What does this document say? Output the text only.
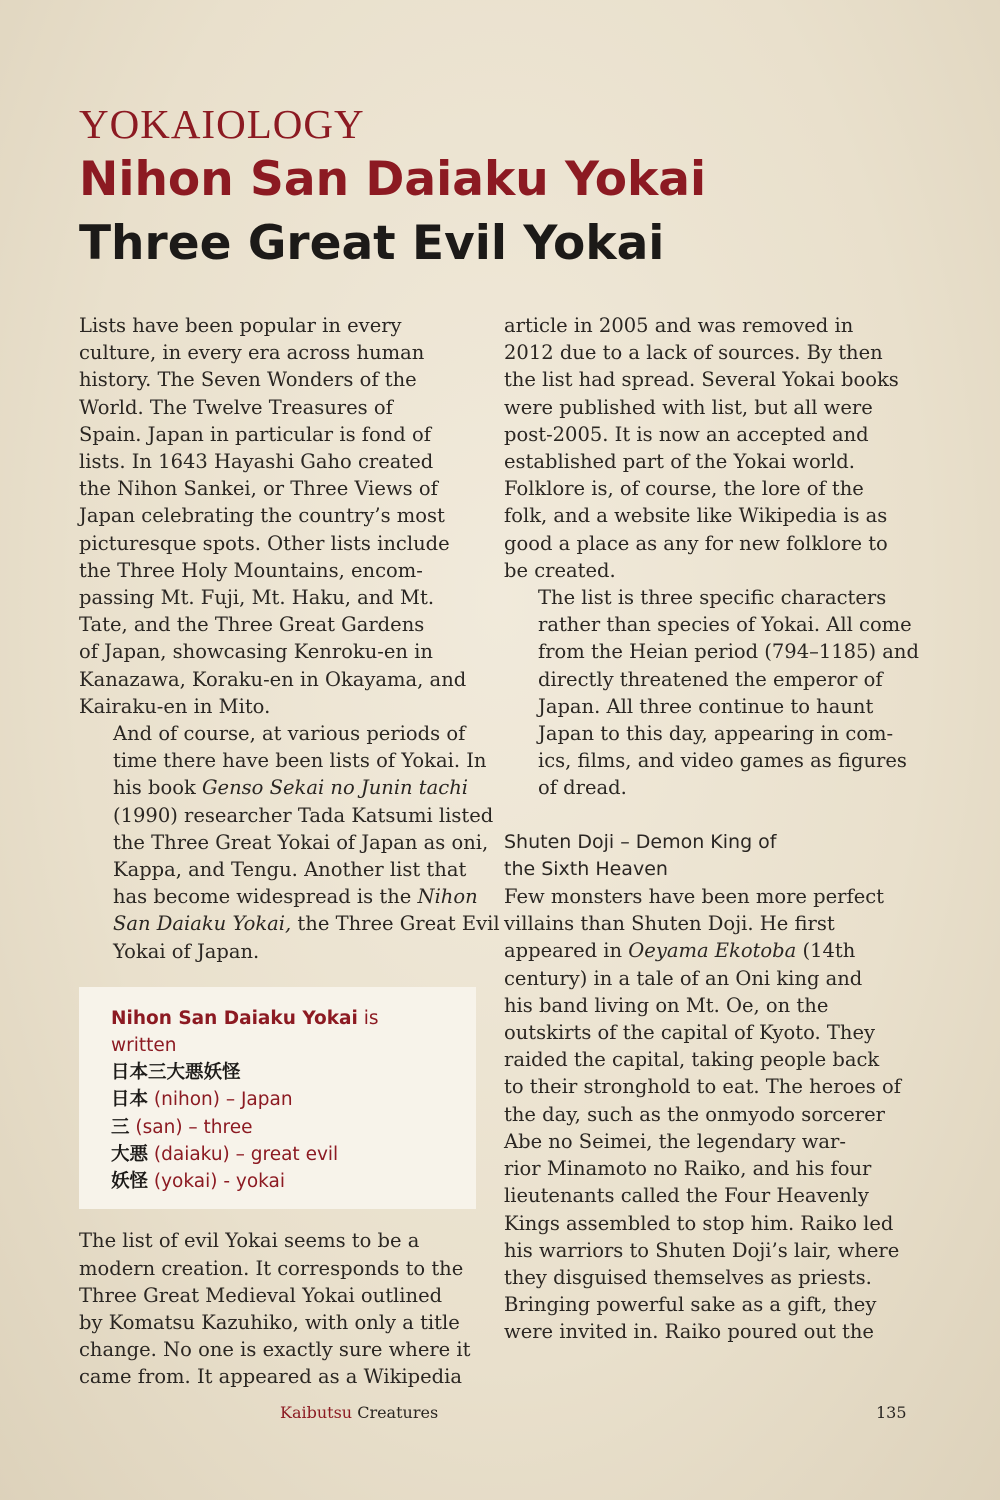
YOKAIOLOGY
Nihon San Daiaku Yokai
Three Great Evil Yokai

Lists have been popular in every
culture, in every era across human
history. The Seven Wonders of the
World. The Twelve Treasures of
Spain. Japan in particular is fond of
lists. In 1643 Hayashi Gaho created
the Nihon Sankei, or Three Views of
Japan celebrating the country’s most
picturesque spots. Other lists include
the Three Holy Mountains, encom-
passing Mt. Fuji, Mt. Haku, and Mt.
Tate, and the Three Great Gardens
of Japan, showcasing Kenroku-en in
Kanazawa, Koraku-en in Okayama, and
Kairaku-en in Mito.

And of course, at various periods of
time there have been lists of Yokai. In
his book Genso Sekai no Junin tachi
(1990) researcher Tada Katsumi listed
the Three Great Yokai of Japan as oni,
Kappa, and Tengu. Another list that
has become widespread is the Nihon
San Daiaku Yokai, the Three Great Evil
Yokai of Japan.

Nihon San Daiaku Yokai is written
日本三大悪妖怪
日本 (nihon) – Japan
三 (san) – three
大悪 (daiaku) – great evil
妖怪 (yokai) - yokai

The list of evil Yokai seems to be a
modern creation. It corresponds to the
Three Great Medieval Yokai outlined
by Komatsu Kazuhiko, with only a title
change. No one is exactly sure where it
came from. It appeared as a Wikipedia

article in 2005 and was removed in
2012 due to a lack of sources. By then
the list had spread. Several Yokai books
were published with list, but all were
post-2005. It is now an accepted and
established part of the Yokai world.
Folklore is, of course, the lore of the
folk, and a website like Wikipedia is as
good a place as any for new folklore to
be created.

The list is three specific characters
rather than species of Yokai. All come
from the Heian period (794–1185) and
directly threatened the emperor of
Japan. All three continue to haunt
Japan to this day, appearing in com-
ics, films, and video games as figures
of dread.

Shuten Doji – Demon King of
the Sixth Heaven

Few monsters have been more perfect
villains than Shuten Doji. He first
appeared in Oeyama Ekotoba (14th
century) in a tale of an Oni king and
his band living on Mt. Oe, on the
outskirts of the capital of Kyoto. They
raided the capital, taking people back
to their stronghold to eat. The heroes of
the day, such as the onmyodo sorcerer
Abe no Seimei, the legendary war-
rior Minamoto no Raiko, and his four
lieutenants called the Four Heavenly
Kings assembled to stop him. Raiko led
his warriors to Shuten Doji’s lair, where
they disguised themselves as priests.
Bringing powerful sake as a gift, they
were invited in. Raiko poured out the

Kaibutsu Creatures	135
